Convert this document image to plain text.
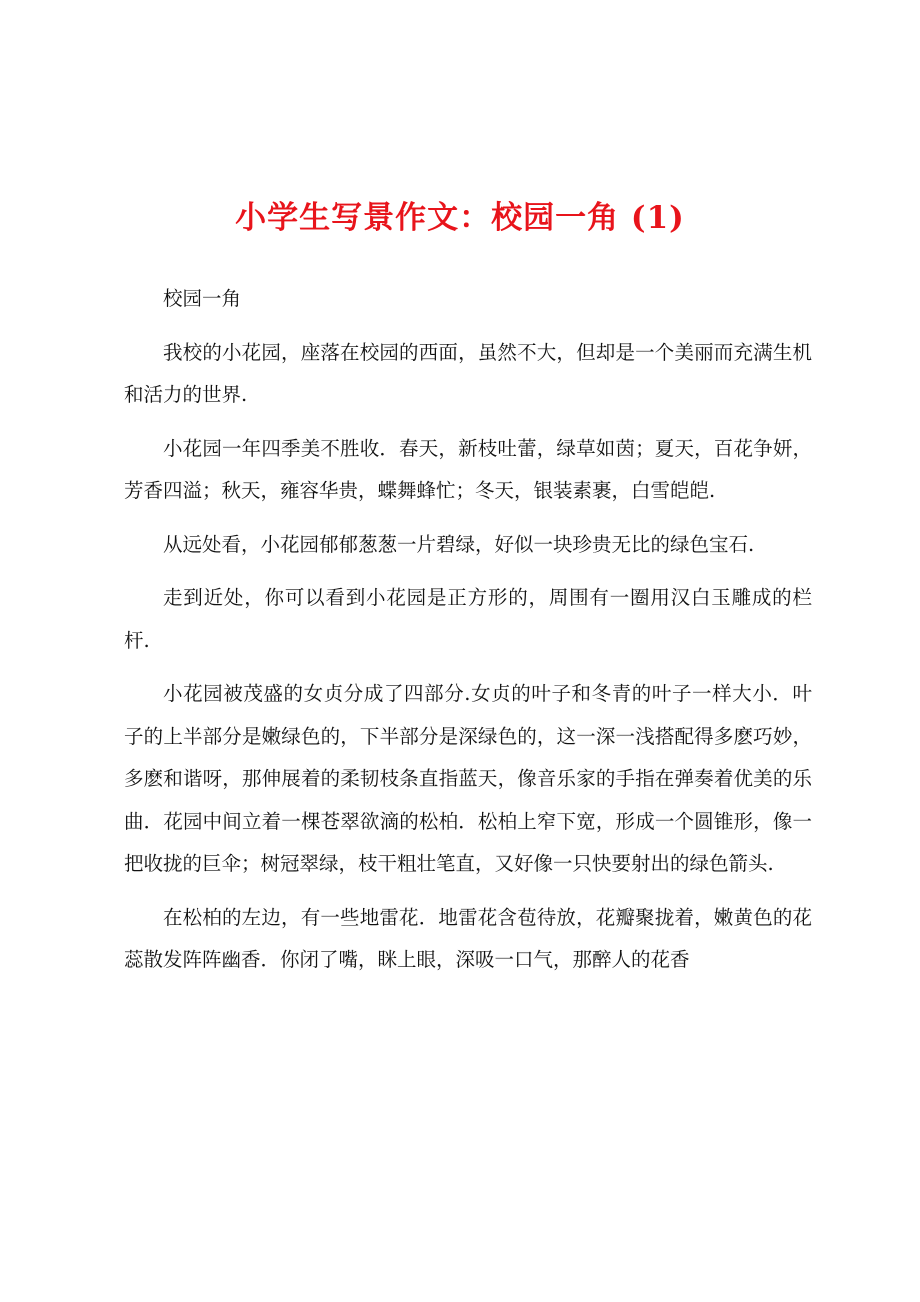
小学生写景作文：校园一角 (1)

校园一角

我校的小花园，座落在校园的西面，虽然不大，但却是一个美丽而充满生机和活力的世界.

小花园一年四季美不胜收．春天，新枝吐蕾，绿草如茵；夏天，百花争妍，芳香四溢；秋天，雍容华贵，蝶舞蜂忙；冬天，银装素裹，白雪皑皑.

从远处看，小花园郁郁葱葱一片碧绿，好似一块珍贵无比的绿色宝石.

走到近处，你可以看到小花园是正方形的，周围有一圈用汉白玉雕成的栏杆.

小花园被茂盛的女贞分成了四部分.女贞的叶子和冬青的叶子一样大小．叶子的上半部分是嫩绿色的，下半部分是深绿色的，这一深一浅搭配得多麽巧妙，多麽和谐呀，那伸展着的柔韧枝条直指蓝天，像音乐家的手指在弹奏着优美的乐曲．花园中间立着一棵苍翠欲滴的松柏．松柏上窄下宽，形成一个圆锥形，像一把收拢的巨伞；树冠翠绿，枝干粗壮笔直，又好像一只快要射出的绿色箭头.

在松柏的左边，有一些地雷花．地雷花含苞待放，花瓣聚拢着，嫩黄色的花蕊散发阵阵幽香．你闭了嘴，眯上眼，深吸一口气，那醉人的花香
